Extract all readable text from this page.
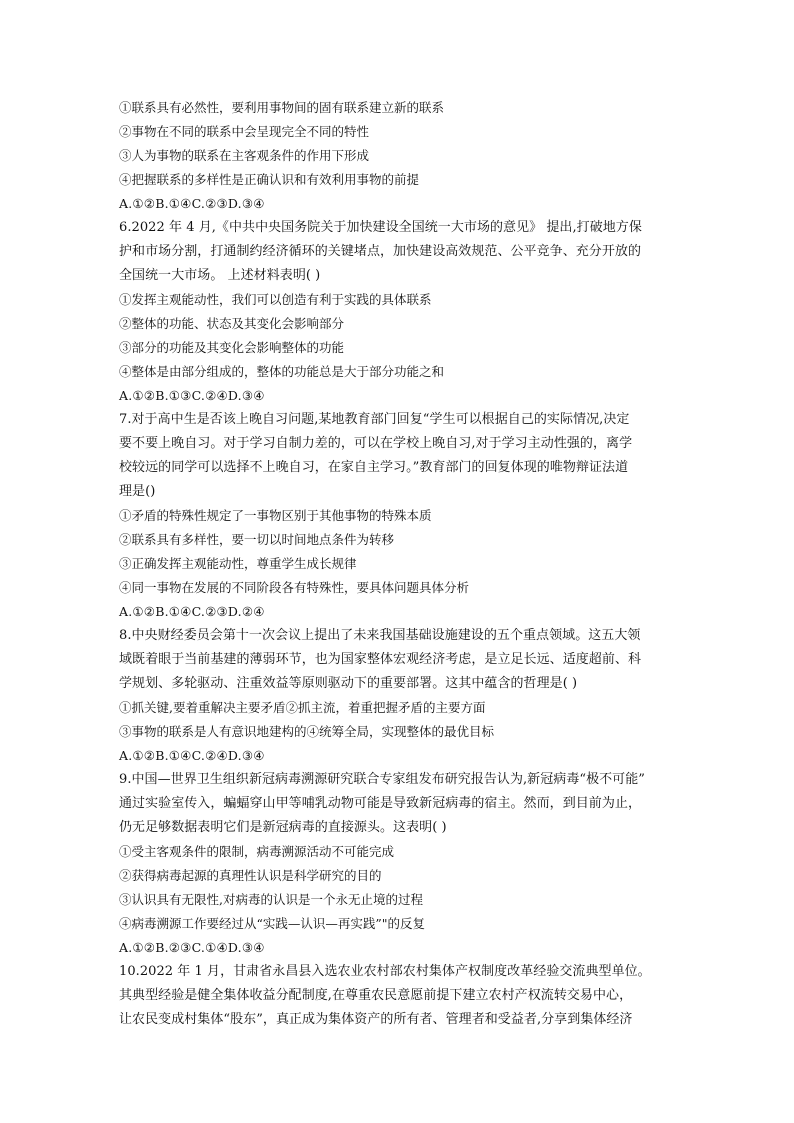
①联系具有必然性，要利用事物间的固有联系建立新的联系
②事物在不同的联系中会呈现完全不同的特性
③人为事物的联系在主客观条件的作用下形成
④把握联系的多样性是正确认识和有效利用事物的前提
A.①②B.①④C.②③D.③④
6.2022 年 4 月,《中共中央国务院关于加快建设全国统一大市场的意见》 提出,打破地方保
护和市场分割，打通制约经济循环的关键堵点，加快建设高效规范、公平竞争、充分开放的
全国统一大市场。 上述材料表明( )
①发挥主观能动性，我们可以创造有利于实践的具体联系
②整体的功能、状态及其变化会影响部分
③部分的功能及其变化会影响整体的功能
④整体是由部分组成的，整体的功能总是大于部分功能之和
A.①②B.①③C.②④D.③④
7.对于高中生是否该上晚自习问题,某地教育部门回复“学生可以根据自己的实际情况,决定
要不要上晚自习。对于学习自制力差的，可以在学校上晚自习,对于学习主动性强的，离学
校较远的同学可以选择不上晚自习，在家自主学习。”教育部门的回复体现的唯物辩证法道
理是()
①矛盾的特殊性规定了一事物区别于其他事物的特殊本质
②联系具有多样性，要一切以时间地点条件为转移
③正确发挥主观能动性，尊重学生成长规律
④同一事物在发展的不同阶段各有特殊性，要具体问题具体分析
A.①②B.①④C.②③D.②④
8.中央财经委员会第十一次会议上提出了未来我国基础设施建设的五个重点领域。这五大领
域既着眼于当前基建的薄弱环节，也为国家整体宏观经济考虑，是立足长远、适度超前、科
学规划、多轮驱动、注重效益等原则驱动下的重要部署。这其中蕴含的哲理是( )
①抓关键,要着重解决主要矛盾②抓主流，着重把握矛盾的主要方面
③事物的联系是人有意识地建构的④统筹全局，实现整体的最优目标
A.①②B.①④C.②④D.③④
9.中国—世界卫生组织新冠病毒溯源研究联合专家组发布研究报告认为,新冠病毒“极不可能”
通过实验室传入，蝙蝠穿山甲等哺乳动物可能是导致新冠病毒的宿主。然而，到目前为止，
仍无足够数据表明它们是新冠病毒的直接源头。这表明( )
①受主客观条件的限制，病毒溯源活动不可能完成
②获得病毒起源的真理性认识是科学研究的目的
③认识具有无限性,对病毒的认识是一个永无止境的过程
④病毒溯源工作要经过从“实践—认识—再实践”"的反复
A.①②B.②③C.①④D.③④
10.2022 年 1 月，甘肃省永昌县入选农业农村部农村集体产权制度改革经验交流典型单位。
其典型经验是健全集体收益分配制度,在尊重农民意愿前提下建立农村产权流转交易中心，
让农民变成村集体“股东”，真正成为集体资产的所有者、管理者和受益者,分享到集体经济
